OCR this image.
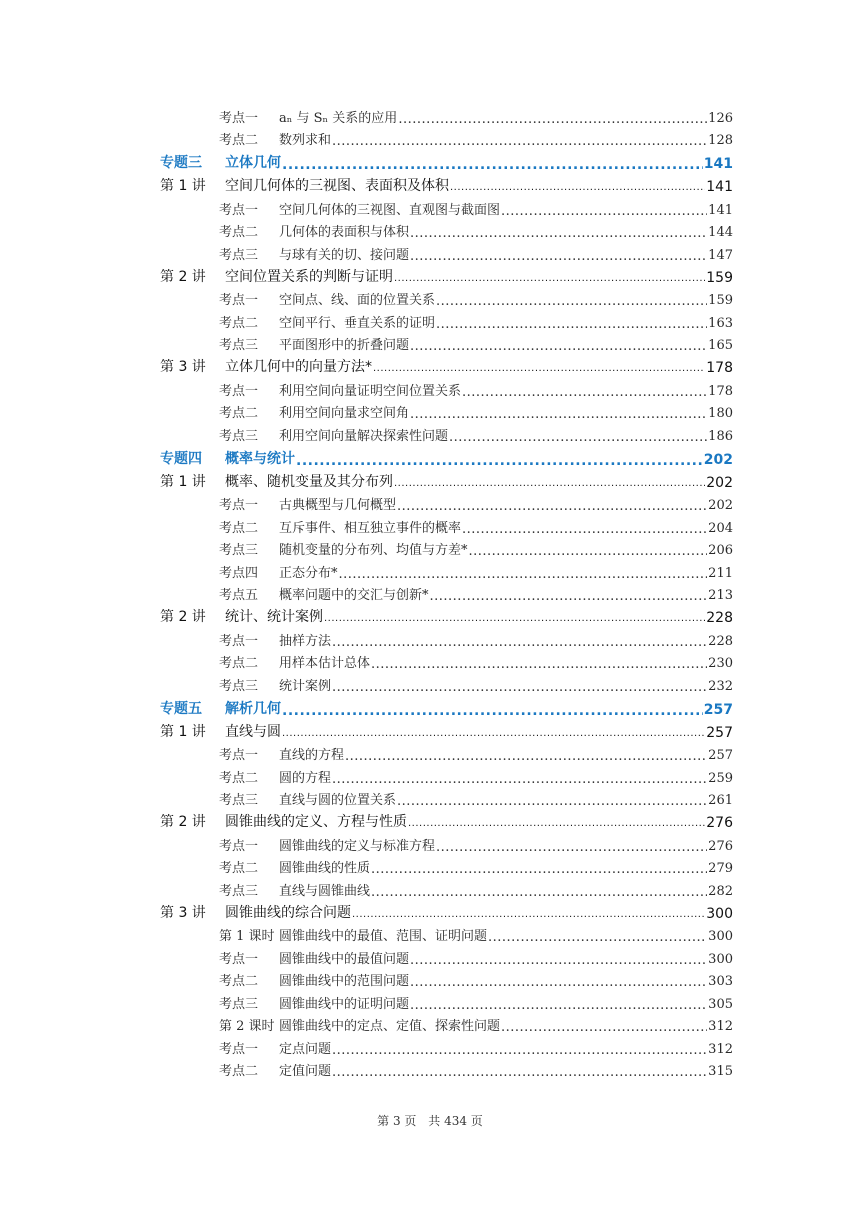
考点一 aₙ 与 Sₙ 关系的应用 .....	126
考点二 数列求和 .....	128
专题三 立体几何 .....	141
第 1 讲 空间几何体的三视图、表面积及体积 .....	141
考点一 空间几何体的三视图、直观图与截面图 .....	141
考点二 几何体的表面积与体积 .....	144
考点三 与球有关的切、接问题 .....	147
第 2 讲 空间位置关系的判断与证明 .....	159
考点一 空间点、线、面的位置关系 .....	159
考点二 空间平行、垂直关系的证明 .....	163
考点三 平面图形中的折叠问题 .....	165
第 3 讲 立体几何中的向量方法* .....	178
考点一 利用空间向量证明空间位置关系 .....	178
考点二 利用空间向量求空间角 .....	180
考点三 利用空间向量解决探索性问题 .....	186
专题四 概率与统计 .....	202
第 1 讲 概率、随机变量及其分布列 .....	202
考点一 古典概型与几何概型 .....	202
考点二 互斥事件、相互独立事件的概率 .....	204
考点三 随机变量的分布列、均值与方差* .....	206
考点四 正态分布* .....	211
考点五 概率问题中的交汇与创新* .....	213
第 2 讲 统计、统计案例 .....	228
考点一 抽样方法 .....	228
考点二 用样本估计总体 .....	230
考点三 统计案例 .....	232
专题五 解析几何 .....	257
第 1 讲 直线与圆 .....	257
考点一 直线的方程 .....	257
考点二 圆的方程 .....	259
考点三 直线与圆的位置关系 .....	261
第 2 讲 圆锥曲线的定义、方程与性质 .....	276
考点一 圆锥曲线的定义与标准方程 .....	276
考点二 圆锥曲线的性质 .....	279
考点三 直线与圆锥曲线 .....	282
第 3 讲 圆锥曲线的综合问题 .....	300
第 1 课时 圆锥曲线中的最值、范围、证明问题 .....	300
考点一 圆锥曲线中的最值问题 .....	300
考点二 圆锥曲线中的范围问题 .....	303
考点三 圆锥曲线中的证明问题 .....	305
第 2 课时 圆锥曲线中的定点、定值、探索性问题 .....	312
考点一 定点问题 .....	312
考点二 定值问题 .....	315
第 3 页 共 434 页
